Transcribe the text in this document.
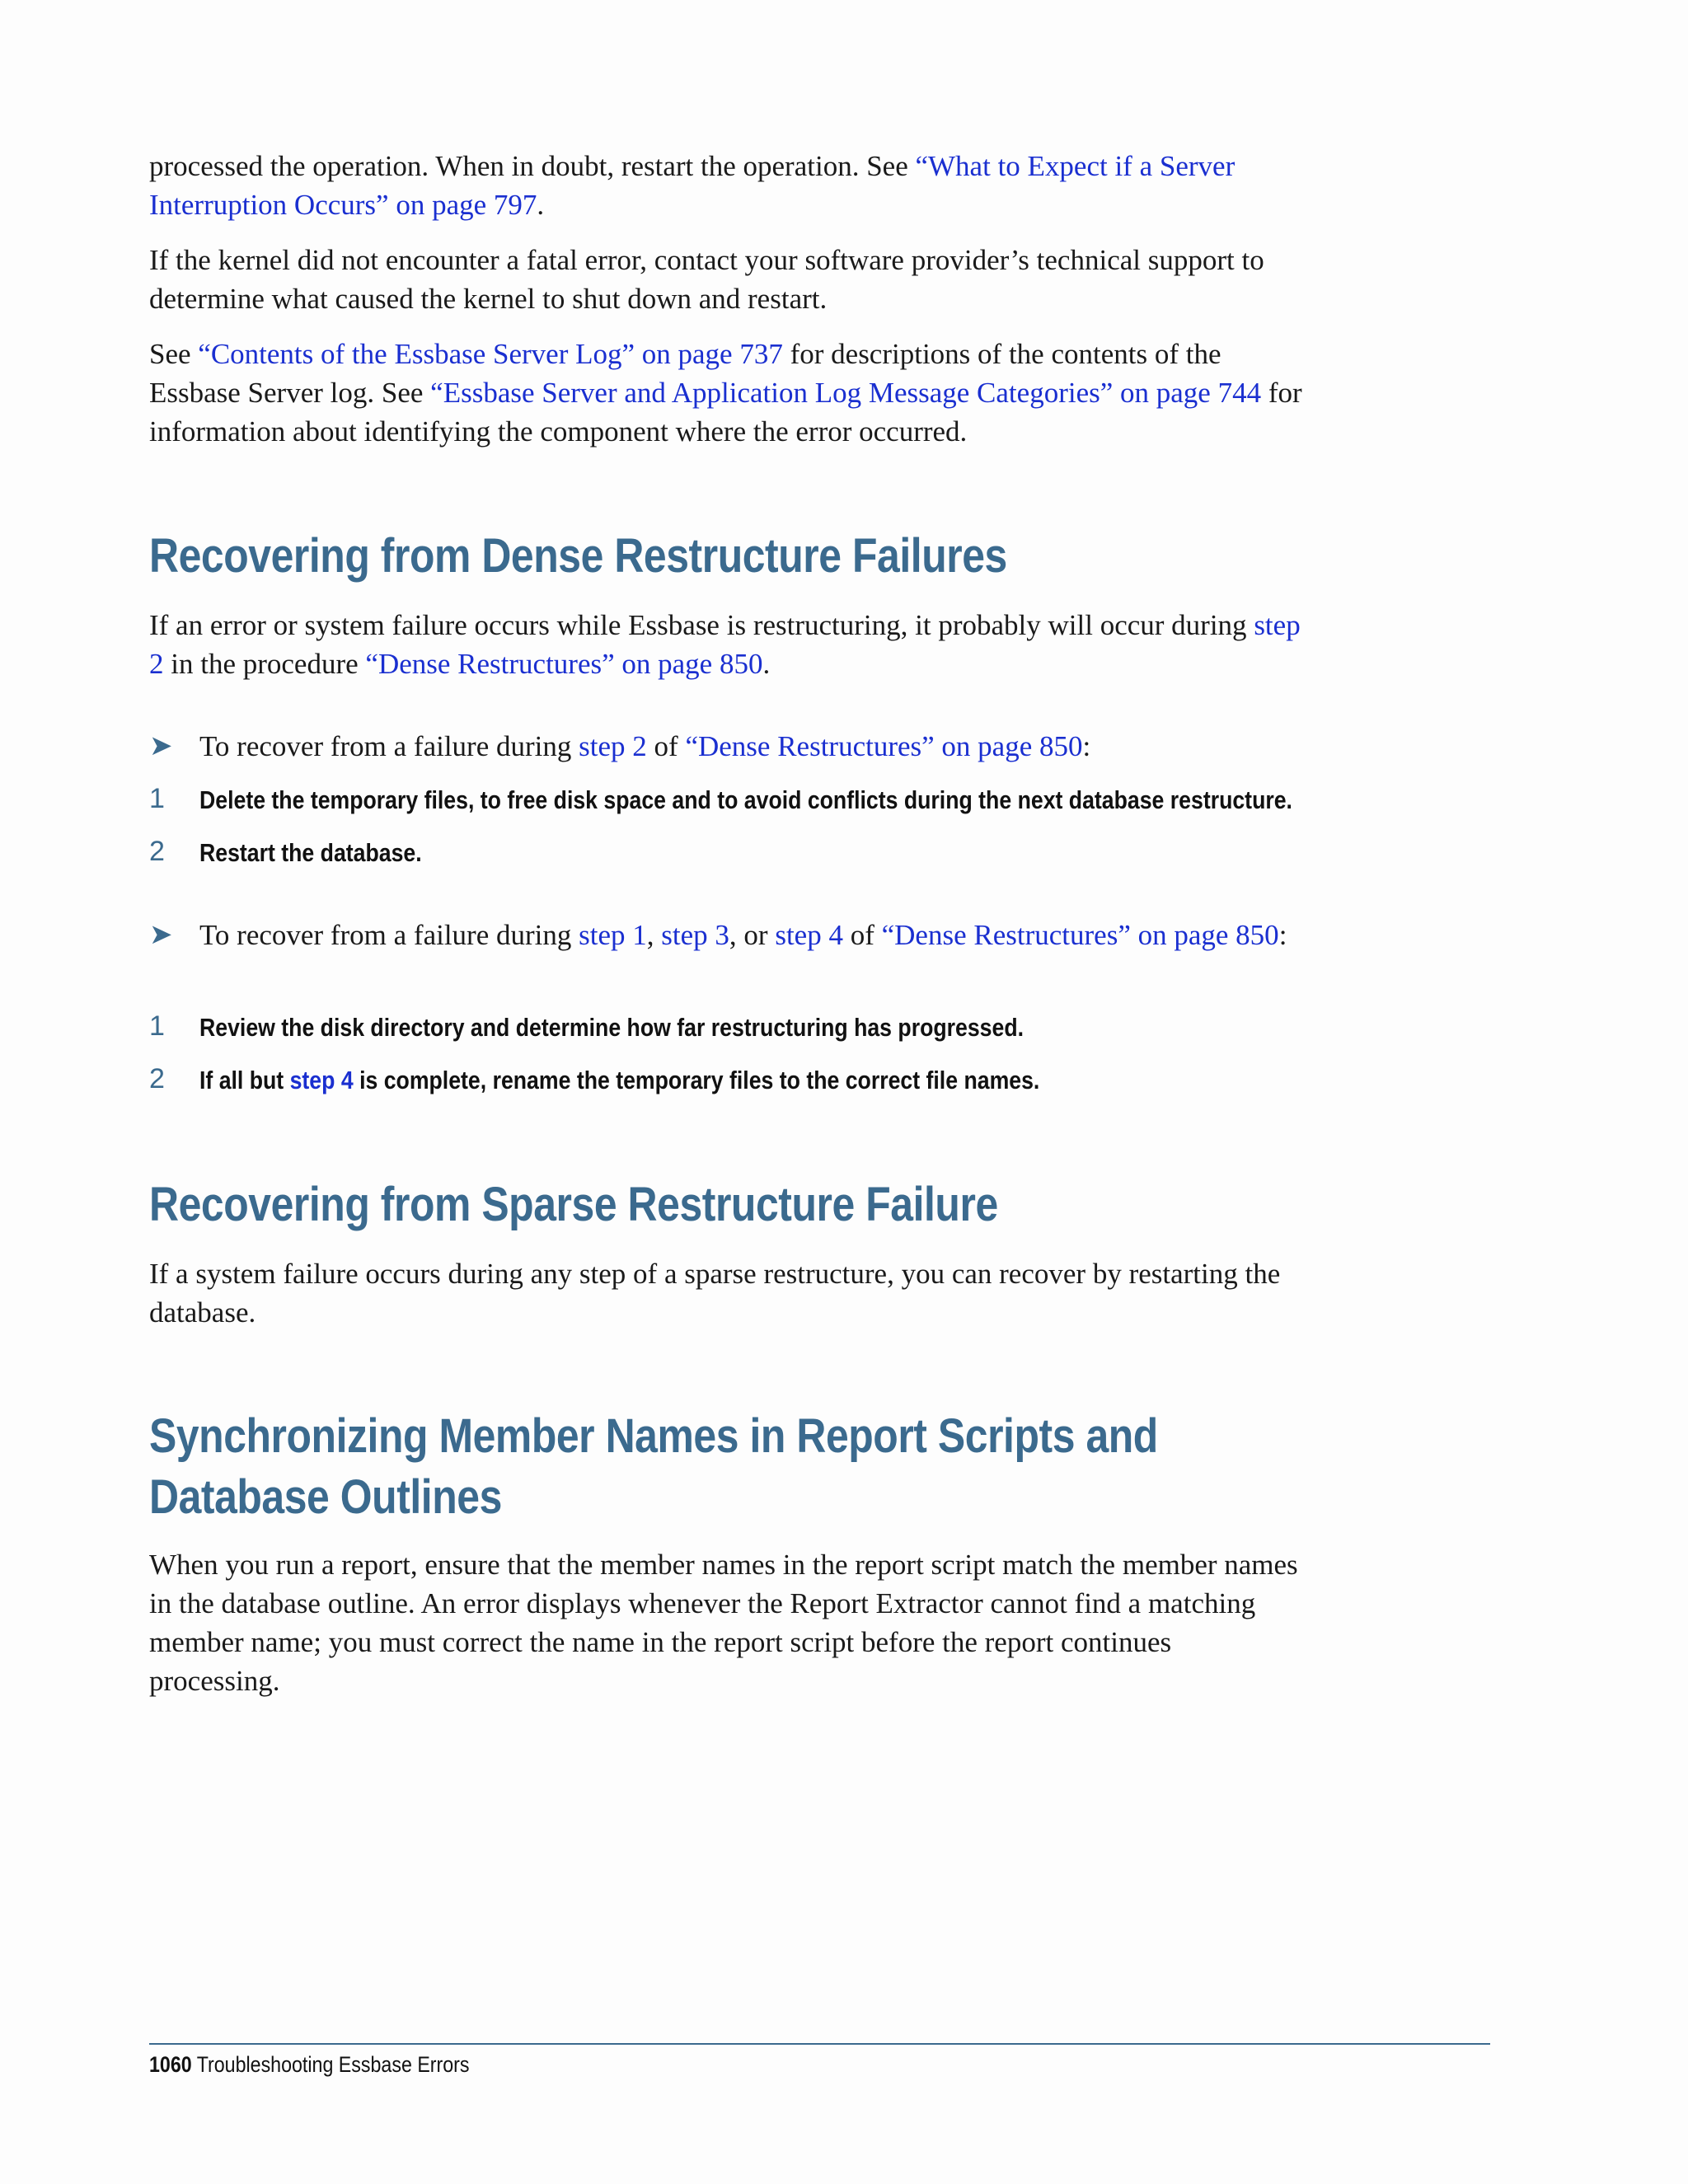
processed the operation. When in doubt, restart the operation. See “What to Expect if a Server Interruption Occurs” on page 797.

If the kernel did not encounter a fatal error, contact your software provider’s technical support to determine what caused the kernel to shut down and restart.

See “Contents of the Essbase Server Log” on page 737 for descriptions of the contents of the Essbase Server log. See “Essbase Server and Application Log Message Categories” on page 744 for information about identifying the component where the error occurred.

Recovering from Dense Restructure Failures

If an error or system failure occurs while Essbase is restructuring, it probably will occur during step 2 in the procedure “Dense Restructures” on page 850.

➤ To recover from a failure during step 2 of “Dense Restructures” on page 850:
1 Delete the temporary files, to free disk space and to avoid conflicts during the next database restructure.
2 Restart the database.
➤ To recover from a failure during step 1, step 3, or step 4 of “Dense Restructures” on page 850:
1 Review the disk directory and determine how far restructuring has progressed.
2 If all but step 4 is complete, rename the temporary files to the correct file names.
Recovering from Sparse Restructure Failure

If a system failure occurs during any step of a sparse restructure, you can recover by restarting the database.

Synchronizing Member Names in Report Scripts and
Database Outlines

When you run a report, ensure that the member names in the report script match the member names in the database outline. An error displays whenever the Report Extractor cannot find a matching member name; you must correct the name in the report script before the report continues processing.

1060 Troubleshooting Essbase Errors
